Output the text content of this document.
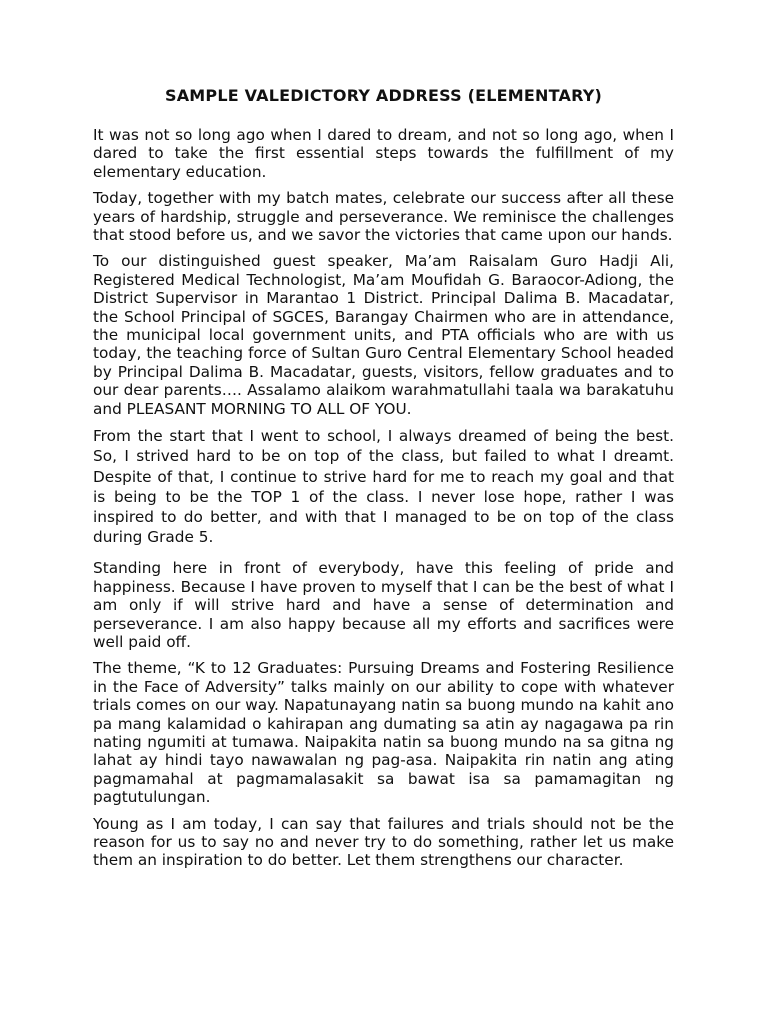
SAMPLE VALEDICTORY ADDRESS (ELEMENTARY)

It was not so long ago when I dared to dream, and not so long ago, when I dared to take the first essential steps towards the fulfillment of my elementary education.

Today, together with my batch mates, celebrate our success after all these years of hardship, struggle and perseverance. We reminisce the challenges that stood before us, and we savor the victories that came upon our hands.

To our distinguished guest speaker, Ma’am Raisalam Guro Hadji Ali, Registered Medical Technologist, Ma’am Moufidah G. Baraocor-Adiong, the District Supervisor in Marantao 1 District. Principal Dalima B. Macadatar, the School Principal of SGCES, Barangay Chairmen who are in attendance, the municipal local government units, and PTA officials who are with us today, the teaching force of Sultan Guro Central Elementary School headed by Principal Dalima B. Macadatar, guests, visitors, fellow graduates and to our dear parents…. Assalamo alaikom warahmatullahi taala wa barakatuhu and PLEASANT MORNING TO ALL OF YOU.

From the start that I went to school, I always dreamed of being the best. So, I strived hard to be on top of the class, but failed to what I dreamt. Despite of that, I continue to strive hard for me to reach my goal and that is being to be the TOP 1 of the class. I never lose hope, rather I was inspired to do better, and with that I managed to be on top of the class during Grade 5.

Standing here in front of everybody, have this feeling of pride and happiness. Because I have proven to myself that I can be the best of what I am only if will strive hard and have a sense of determination and perseverance. I am also happy because all my efforts and sacrifices were well paid off.

The theme, “K to 12 Graduates: Pursuing Dreams and Fostering Resilience in the Face of Adversity” talks mainly on our ability to cope with whatever trials comes on our way. Napatunayang natin sa buong mundo na kahit ano pa mang kalamidad o kahirapan ang dumating sa atin ay nagagawa pa rin nating ngumiti at tumawa. Naipakita natin sa buong mundo na sa gitna ng lahat ay hindi tayo nawawalan ng pag-asa. Naipakita rin natin ang ating pagmamahal at pagmamalasakit sa bawat isa sa pamamagitan ng pagtutulungan.

Young as I am today, I can say that failures and trials should not be the reason for us to say no and never try to do something, rather let us make them an inspiration to do better. Let them strengthens our character.
